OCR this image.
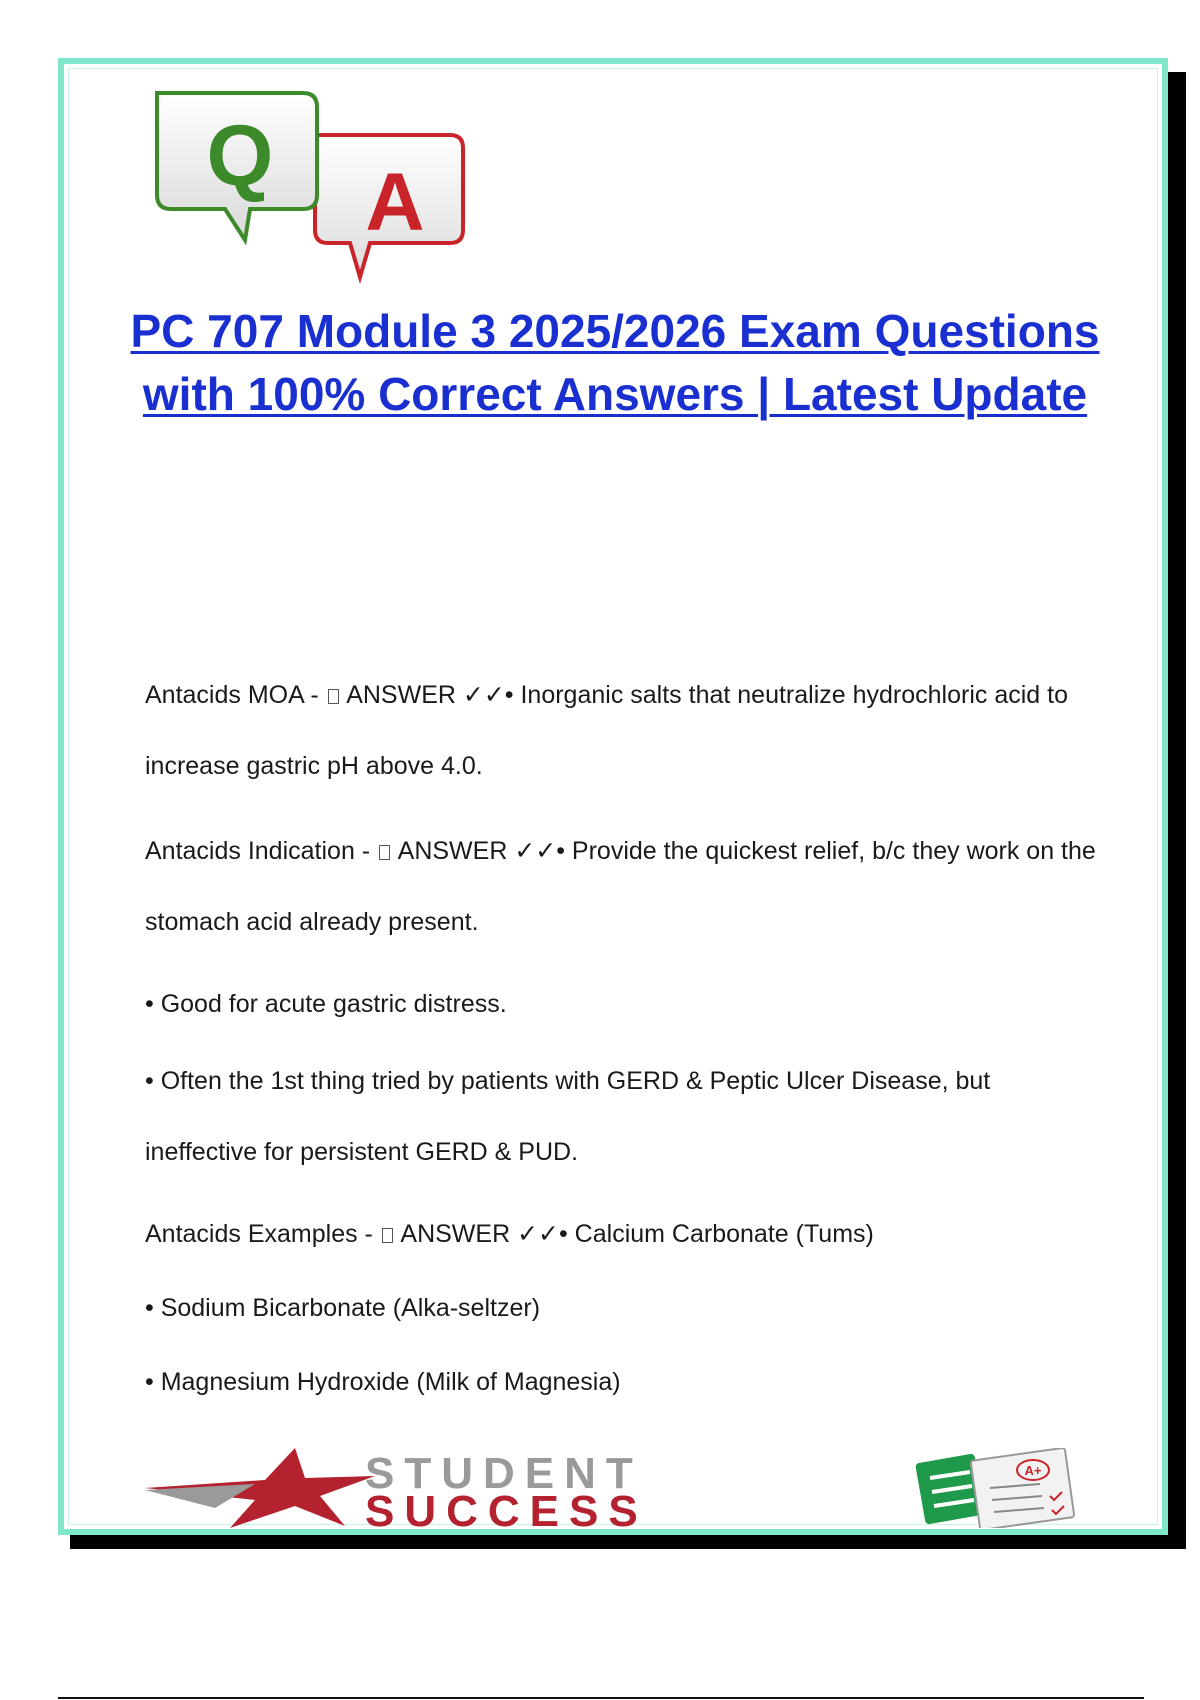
Q A
PC 707 Module 3 2025/2026 Exam Questions with 100% Correct Answers | Latest Update

Antacids MOA -  ANSWER ✓✓• Inorganic salts that neutralize hydrochloric acid to increase gastric pH above 4.0.

Antacids Indication -  ANSWER ✓✓• Provide the quickest relief, b/c they work on the stomach acid already present.

• Good for acute gastric distress.

• Often the 1st thing tried by patients with GERD & Peptic Ulcer Disease, but ineffective for persistent GERD & PUD.

Antacids Examples -  ANSWER ✓✓• Calcium Carbonate (Tums)

• Sodium Bicarbonate (Alka-seltzer)

• Magnesium Hydroxide (Milk of Magnesia)

STUDENT
SUCCESS
A+
